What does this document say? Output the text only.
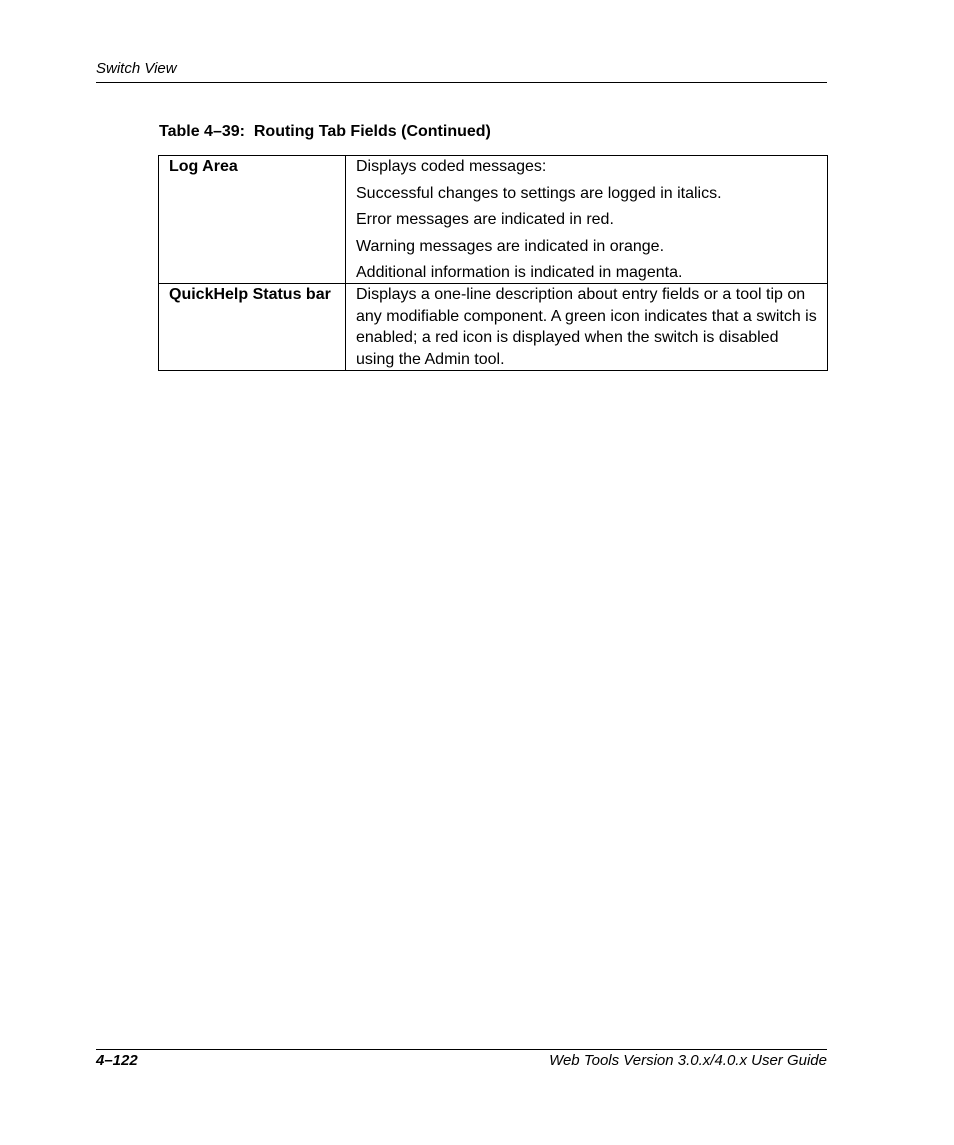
Switch View
Table 4–39:  Routing Tab Fields (Continued)
Log Area	Displays coded messages:

Successful changes to settings are logged in italics.

Error messages are indicated in red.

Warning messages are indicated in orange.

Additional information is indicated in magenta.

QuickHelp Status bar	Displays a one-line description about entry fields or a tool tip on any modifiable component. A green icon indicates that a switch is enabled; a red icon is displayed when the switch is disabled using the Admin tool.
4–122	Web Tools Version 3.0.x/4.0.x User Guide
